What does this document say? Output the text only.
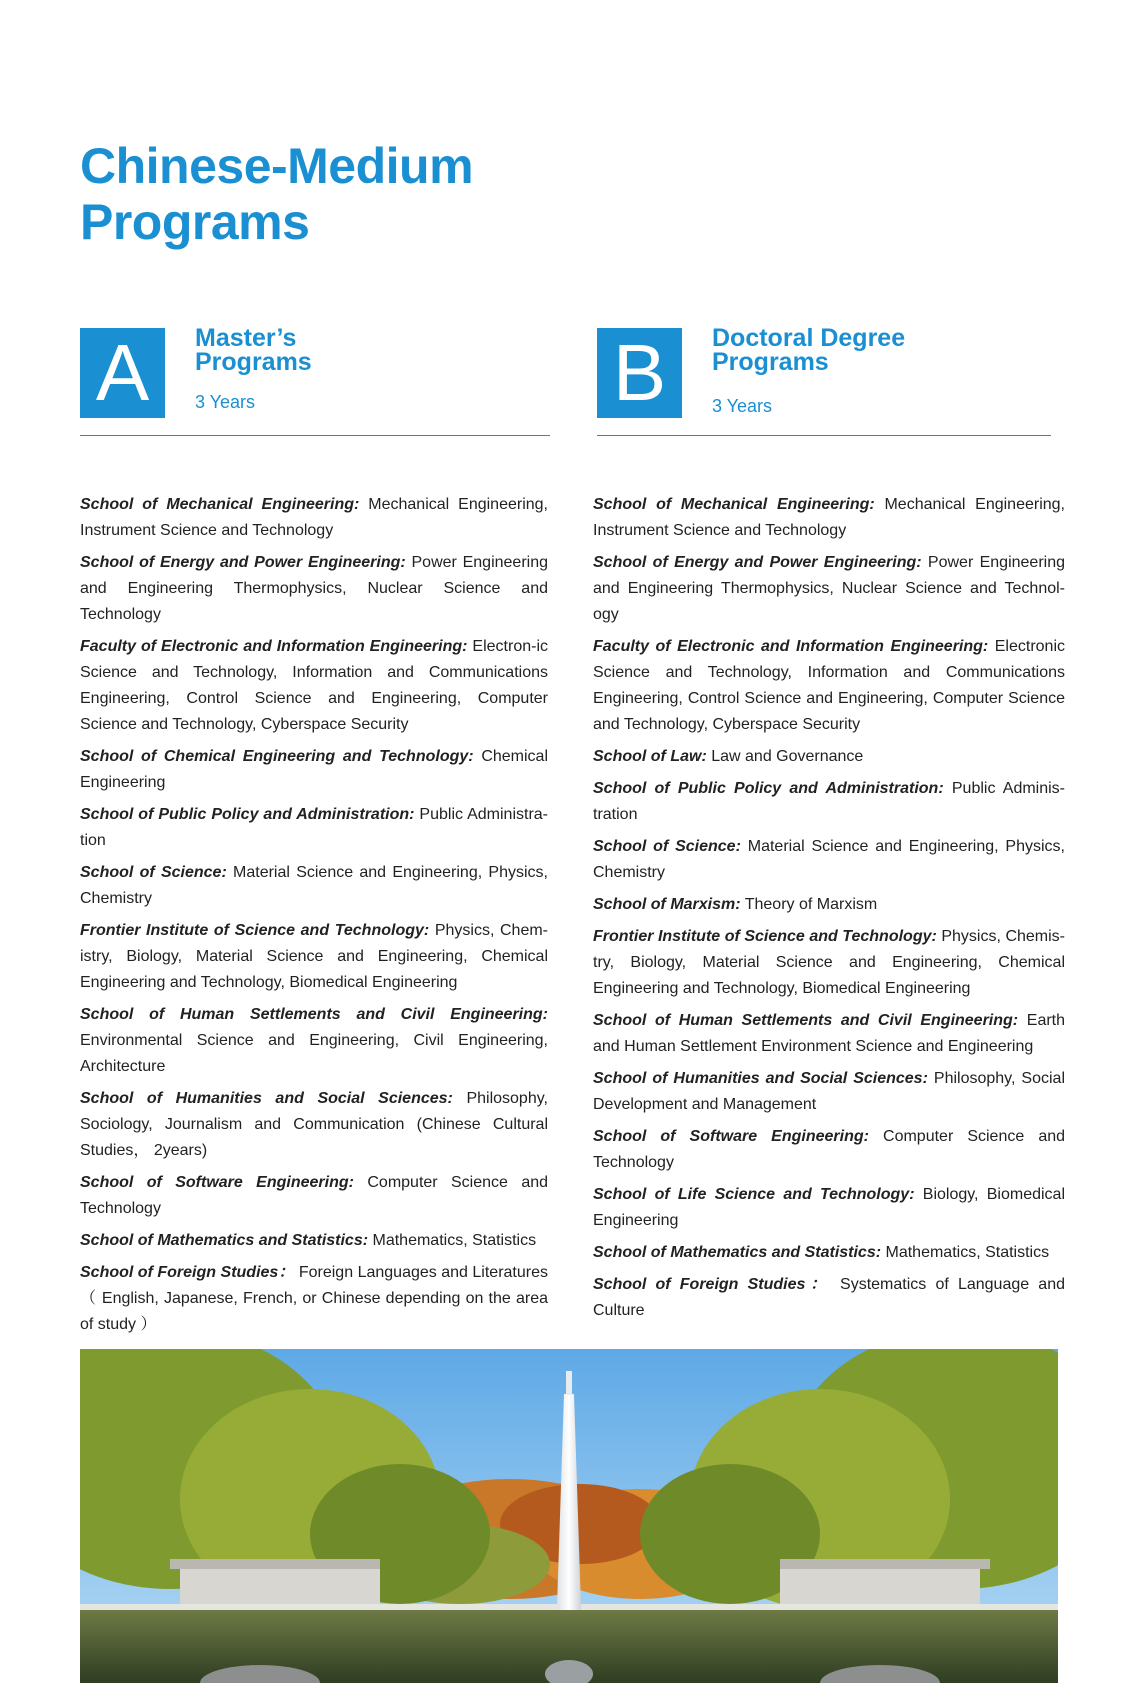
Chinese-Medium
Programs
A	Master’s
Programs
3 Years	B	Doctoral Degree
Programs
3 Years
School of Mechanical Engineering: Mechanical Engineering, Instrument Science and Technology
School of Energy and Power Engineering: Power Engineering and Engineering Thermophysics, Nuclear Science and Technology
Faculty of Electronic and Information Engineering: Electron-ic Science and Technology, Information and Communications Engineering, Control Science and Engineering, Computer Science and Technology, Cyberspace Security
School of Chemical Engineering and Technology: Chemical Engineering
School of Public Policy and Administration: Public Administra-tion
School of Science: Material Science and Engineering, Physics, Chemistry
Frontier Institute of Science and Technology: Physics, Chem-istry, Biology, Material Science and Engineering, Chemical Engineering and Technology, Biomedical Engineering
School of Human Settlements and Civil Engineering: Environmental Science and Engineering, Civil Engineering, Architecture
School of Humanities and Social Sciences: Philosophy, Sociology, Journalism and Communication (Chinese Cultural Studies， 2years)
School of Software Engineering: Computer Science and Technology
School of Mathematics and Statistics: Mathematics, Statistics
School of Foreign Studies： Foreign Languages and Literatures（ English, Japanese, French, or Chinese depending on the area of study ）
School of Mechanical Engineering: Mechanical Engineering, Instrument Science and Technology
School of Energy and Power Engineering: Power Engineering and Engineering Thermophysics, Nuclear Science and Technol-ogy
Faculty of Electronic and Information Engineering: Electronic Science and Technology, Information and Communications Engineering, Control Science and Engineering, Computer Science and Technology, Cyberspace Security
School of Law: Law and Governance
School of Public Policy and Administration: Public Adminis-tration
School of Science: Material Science and Engineering, Physics, Chemistry
School of Marxism: Theory of Marxism
Frontier Institute of Science and Technology: Physics, Chemis-try, Biology, Material Science and Engineering, Chemical Engineering and Technology, Biomedical Engineering
School of Human Settlements and Civil Engineering: Earth and Human Settlement Environment Science and Engineering
School of Humanities and Social Sciences: Philosophy, Social Development and Management
School of Software Engineering: Computer Science and Technology
School of Life Science and Technology: Biology, Biomedical Engineering
School of Mathematics and Statistics: Mathematics, Statistics
School of Foreign Studies： Systematics of Language and Culture
